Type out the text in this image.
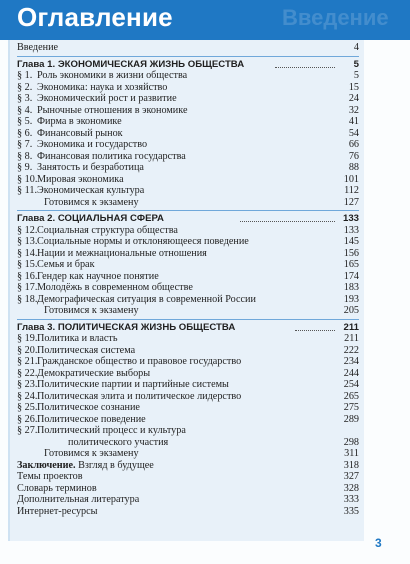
Оглавление	Введение
Введение	4
Глава 1. ЭКОНОМИЧЕСКАЯ ЖИЗНЬ ОБЩЕСТВА	5
§ 1. Роль экономики в жизни общества	5
§ 2. Экономика: наука и хозяйство	15
§ 3. Экономический рост и развитие	24
§ 4. Рыночные отношения в экономике	32
§ 5. Фирма в экономике	41
§ 6. Финансовый рынок	54
§ 7. Экономика и государство	66
§ 8. Финансовая политика государства	76
§ 9. Занятость и безработица	88
§ 10. Мировая экономика	101
§ 11. Экономическая культура	112
Готовимся к экзамену	127
Глава 2. СОЦИАЛЬНАЯ СФЕРА	133
§ 12. Социальная структура общества	133
§ 13. Социальные нормы и отклоняющееся поведение	145
§ 14. Нации и межнациональные отношения	156
§ 15. Семья и брак	165
§ 16. Гендер как научное понятие	174
§ 17. Молодёжь в современном обществе	183
§ 18. Демографическая ситуация в современной России	193
Готовимся к экзамену	205
Глава 3. ПОЛИТИЧЕСКАЯ ЖИЗНЬ ОБЩЕСТВА	211
§ 19. Политика и власть	211
§ 20. Политическая система	222
§ 21. Гражданское общество и правовое государство	234
§ 22. Демократические выборы	244
§ 23. Политические партии и партийные системы	254
§ 24. Политическая элита и политическое лидерство	265
§ 25. Политическое сознание	275
§ 26. Политическое поведение	289
§ 27. Политический процесс и культура
политического участия	298
Готовимся к экзамену	311
Заключение. Взгляд в будущее	318
Темы проектов	327
Словарь терминов	328
Дополнительная литература	333
Интернет-ресурсы	335
3
